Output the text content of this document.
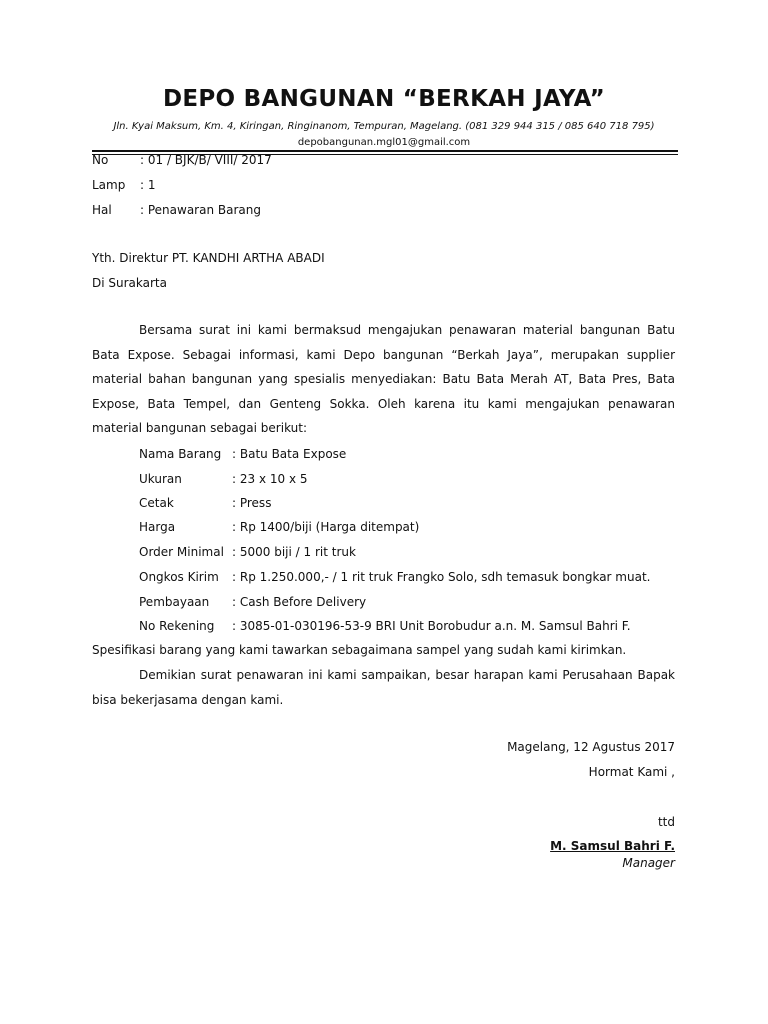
DEPO BANGUNAN “BERKAH JAYA”
Jln. Kyai Maksum, Km. 4, Kiringan, Ringinanom, Tempuran, Magelang. (081 329 944 315 / 085 640 718 795)
depobangunan.mgl01@gmail.com
No	: 01 / BJK/B/ VIII/ 2017
Lamp : 1
Hal : Penawaran Barang
Yth. Direktur PT. KANDHI ARTHA ABADI
Di Surakarta
Bersama surat ini kami bermaksud mengajukan penawaran material bangunan Batu Bata Expose. Sebagai informasi, kami Depo bangunan “Berkah Jaya”, merupakan supplier material bahan bangunan yang spesialis menyediakan: Batu Bata Merah AT, Bata Pres, Bata Expose, Bata Tempel, dan Genteng Sokka. Oleh karena itu kami mengajukan penawaran material bangunan sebagai berikut:
Nama Barang : Batu Bata Expose
Ukuran	: 23 x 10 x 5
Cetak	: Press
Harga	: Rp 1400/biji (Harga ditempat)
Order Minimal : 5000 biji / 1 rit truk
Ongkos Kirim : Rp 1.250.000,- / 1 rit truk Frangko Solo, sdh temasuk bongkar muat.
Pembayaan : Cash Before Delivery
No Rekening : 3085-01-030196-53-9 BRI Unit Borobudur a.n. M. Samsul Bahri F.
Spesifikasi barang yang kami tawarkan sebagaimana sampel yang sudah kami kirimkan.
Demikian surat penawaran ini kami sampaikan, besar harapan kami Perusahaan Bapak bisa bekerjasama dengan kami.
Magelang, 12 Agustus 2017
Hormat Kami ,
ttd
M. Samsul Bahri F.
Manager
